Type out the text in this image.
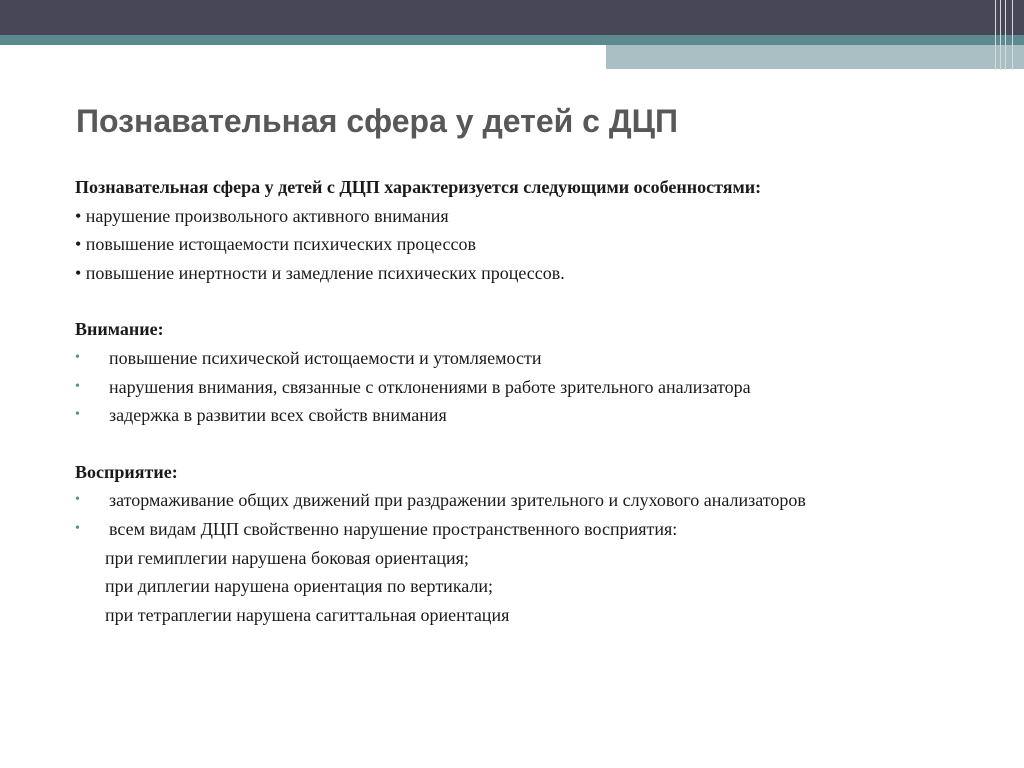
Познавательная сфера у детей с ДЦП
Познавательная сфера у детей с ДЦП характеризуется следующими особенностями:
• нарушение произвольного активного внимания
• повышение истощаемости психических процессов
• повышение инертности и замедление психических процессов.
Внимание:
• повышение психической истощаемости и утомляемости
• нарушения внимания, связанные с отклонениями в работе зрительного анализатора
• задержка в развитии всех свойств внимания
Восприятие:
• затормаживание общих движений при раздражении зрительного и слухового анализаторов
• всем видам ДЦП свойственно нарушение пространственного восприятия:
при гемиплегии нарушена боковая ориентация;
при диплегии нарушена ориентация по вертикали;
при тетраплегии нарушена сагиттальная ориентация
